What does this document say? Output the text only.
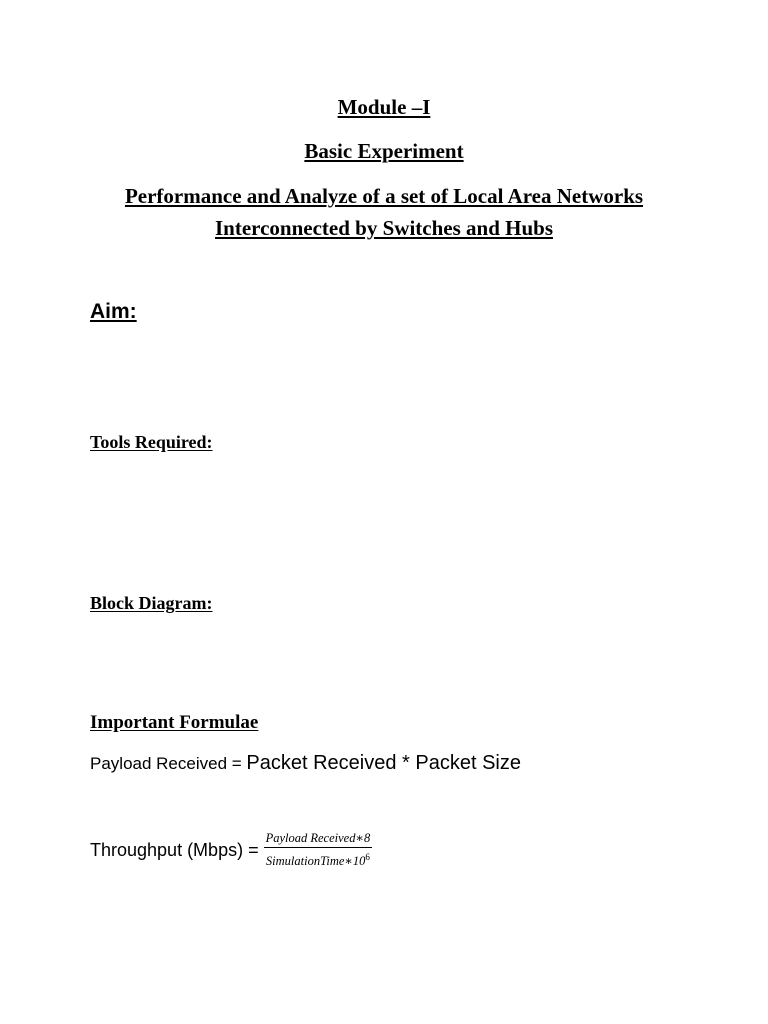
Module –I
Basic Experiment
Performance and Analyze of a set of Local Area Networks
Interconnected by Switches and Hubs
Aim:
Tools Required:
Block Diagram:
Important Formulae
Payload Received = Packet Received * Packet Size
Throughput (Mbps) = $\frac{\text{Payload Received∗8}}{SimulationTime∗10^6}$
